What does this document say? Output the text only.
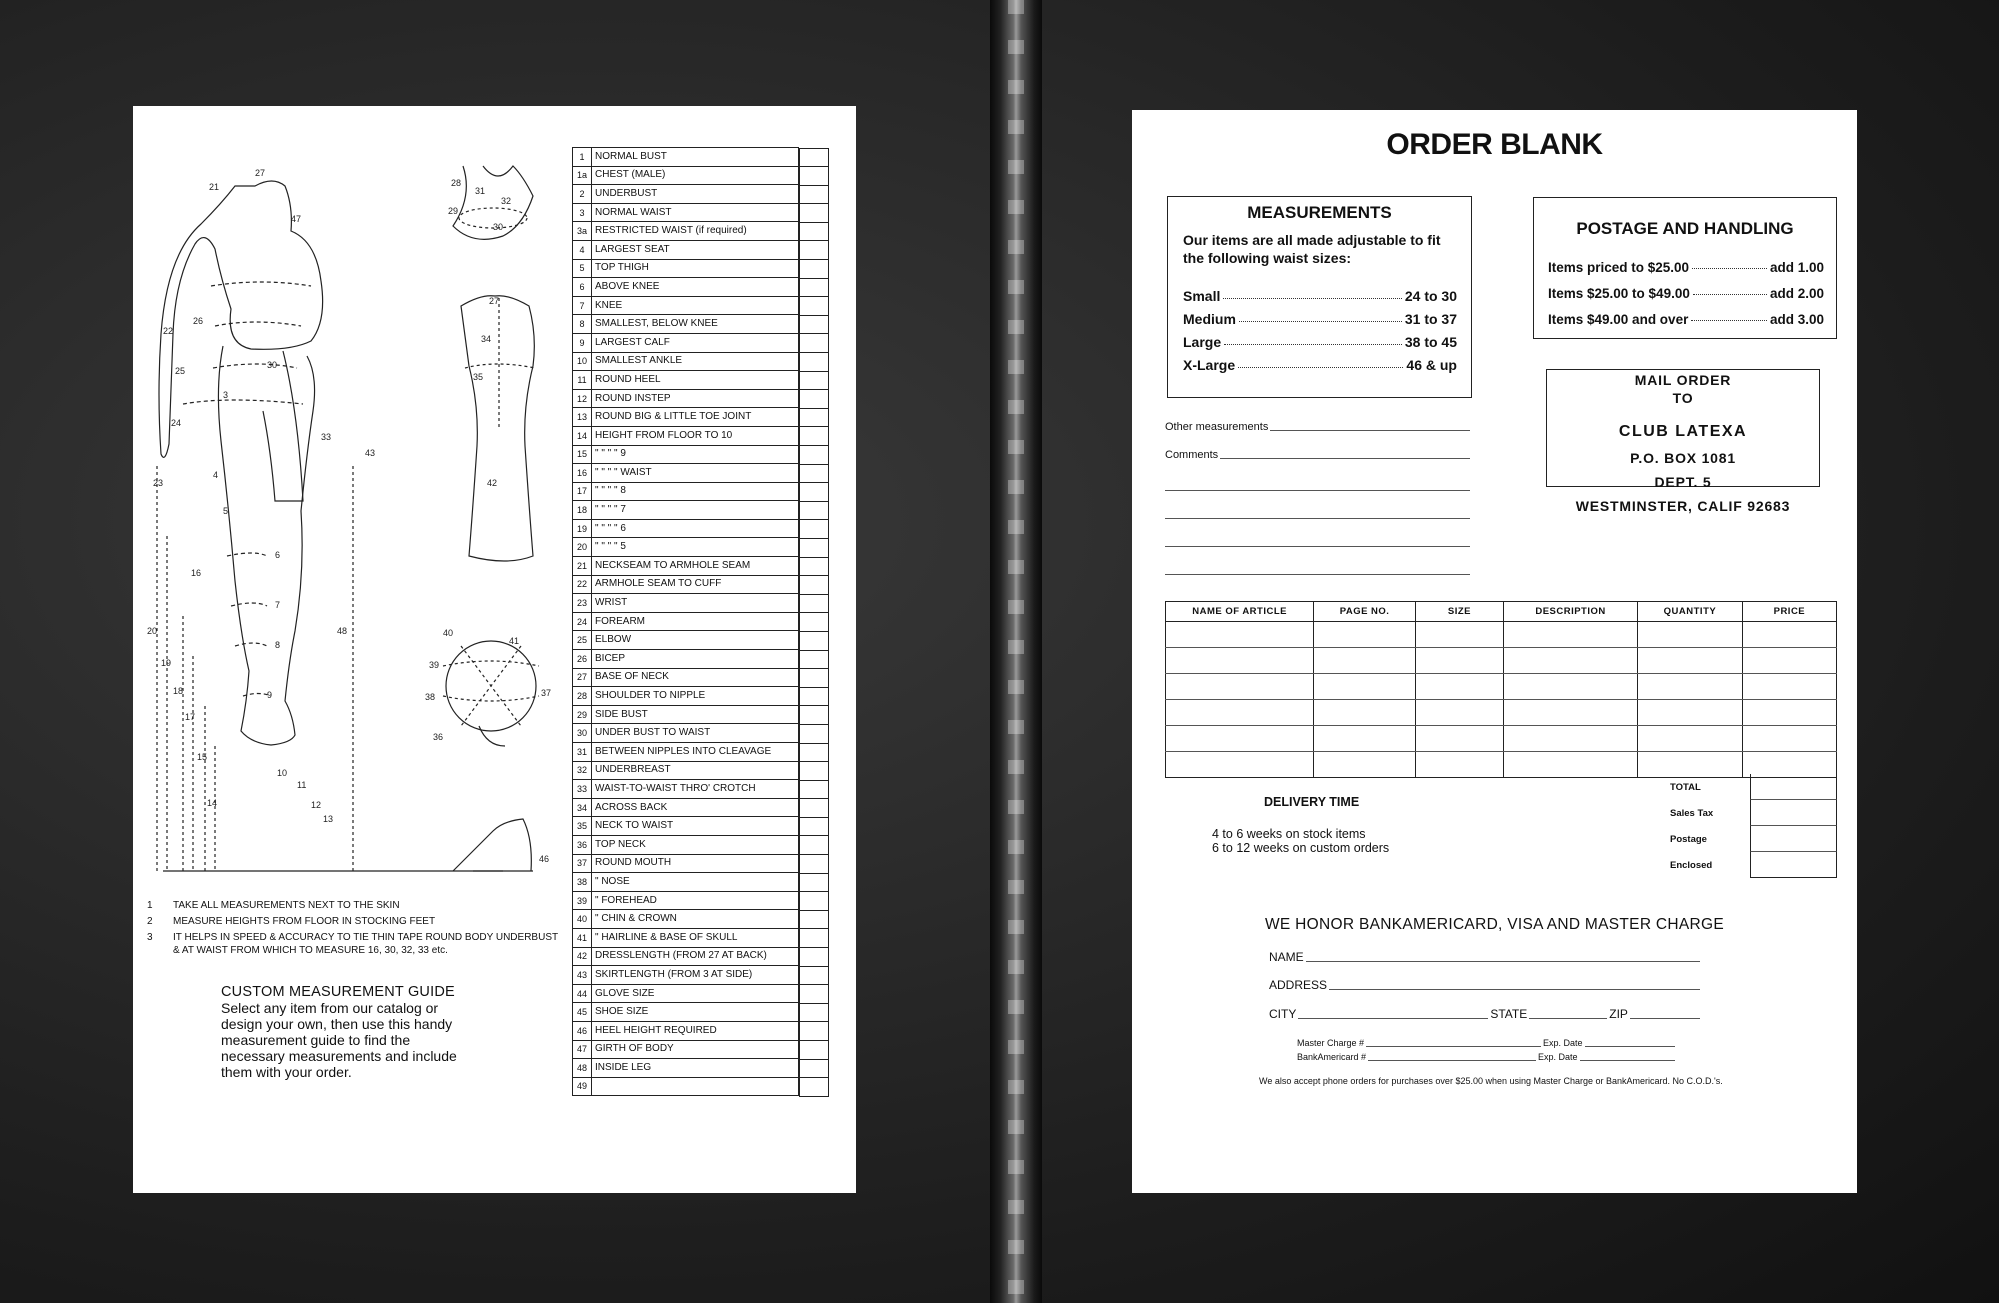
27
21
47
22
26
25
24
23
30
3
33
43
4
5
16
20
19
18
17
15
14
6
7
8
9
10
11
12
13
48
28
31
32
29
30
27
34
35
42
40
41
39
38	37
36
46
1	NORMAL BUST	

1a	CHEST (MALE)	

2	UNDERBUST	

3	NORMAL WAIST	

3a	RESTRICTED WAIST (if required)	

4	LARGEST SEAT	

5	TOP THIGH	

6	ABOVE KNEE	

7	KNEE	

8	SMALLEST, BELOW KNEE	

9	LARGEST CALF	

10	SMALLEST ANKLE	

11	ROUND HEEL	

12	ROUND INSTEP	

13	ROUND BIG & LITTLE TOE JOINT	

14	HEIGHT FROM FLOOR TO 10	

15	" " " " 9	

16	" " " " WAIST	

17	" " " " 8	

18	" " " " 7	

19	" " " " 6	

20	" " " " 5	

21	NECKSEAM TO ARMHOLE SEAM	

22	ARMHOLE SEAM TO CUFF	

23	WRIST	

24	FOREARM	

25	ELBOW	

26	BICEP	

27	BASE OF NECK	

28	SHOULDER TO NIPPLE	

29	SIDE BUST	

30	UNDER BUST TO WAIST	

31	BETWEEN NIPPLES INTO CLEAVAGE	

32	UNDERBREAST	

33	WAIST-TO-WAIST THRO' CROTCH	

34	ACROSS BACK	

35	NECK TO WAIST	

36	TOP NECK	

37	ROUND MOUTH	

38	" NOSE	

39	" FOREHEAD	

40	" CHIN & CROWN	

41	" HAIRLINE & BASE OF SKULL	

42	DRESSLENGTH (FROM 27 AT BACK)	

43	SKIRTLENGTH (FROM 3 AT SIDE)	

44	GLOVE SIZE	

45	SHOE SIZE	

46	HEEL HEIGHT REQUIRED	

47	GIRTH OF BODY	

48	INSIDE LEG	

49		
1	TAKE ALL MEASUREMENTS NEXT TO THE SKIN
2	MEASURE HEIGHTS FROM FLOOR IN STOCKING FEET
3	IT HELPS IN SPEED & ACCURACY TO TIE THIN TAPE ROUND BODY UNDERBUST & AT WAIST FROM WHICH TO MEASURE 16, 30, 32, 33 etc.
CUSTOM MEASUREMENT GUIDE

Select any item from our catalog or design your own, then use this handy measurement guide to find the necessary measurements and include them with your order.

ORDER BLANK
MEASUREMENTS

Our items are all made adjustable to fit the following waist sizes:

Small	24 to 30
Medium	31 to 37
Large	38 to 45
X-Large	46 & up
POSTAGE AND HANDLING
Items priced to $25.00	add 1.00
Items $25.00 to $49.00	add 2.00
Items $49.00 and over	add 3.00
MAIL ORDER
TO
CLUB LATEXA
P.O. BOX 1081
DEPT. 5
WESTMINSTER, CALIF 92683
Other measurements
Comments
NAME OF ARTICLE	PAGE NO.	SIZE	DESCRIPTION	QUANTITY	PRICE

TOTAL
Sales Tax
Postage
Enclosed
DELIVERY TIME

4 to 6 weeks on stock items

6 to 12 weeks on custom orders

WE HONOR BANKAMERICARD, VISA AND MASTER CHARGE
NAME
ADDRESS
CITY	STATE	ZIP
Master Charge #	Exp. Date
BankAmericard #	Exp. Date
We also accept phone orders for purchases over $25.00 when using Master Charge or BankAmericard. No C.O.D.'s.
